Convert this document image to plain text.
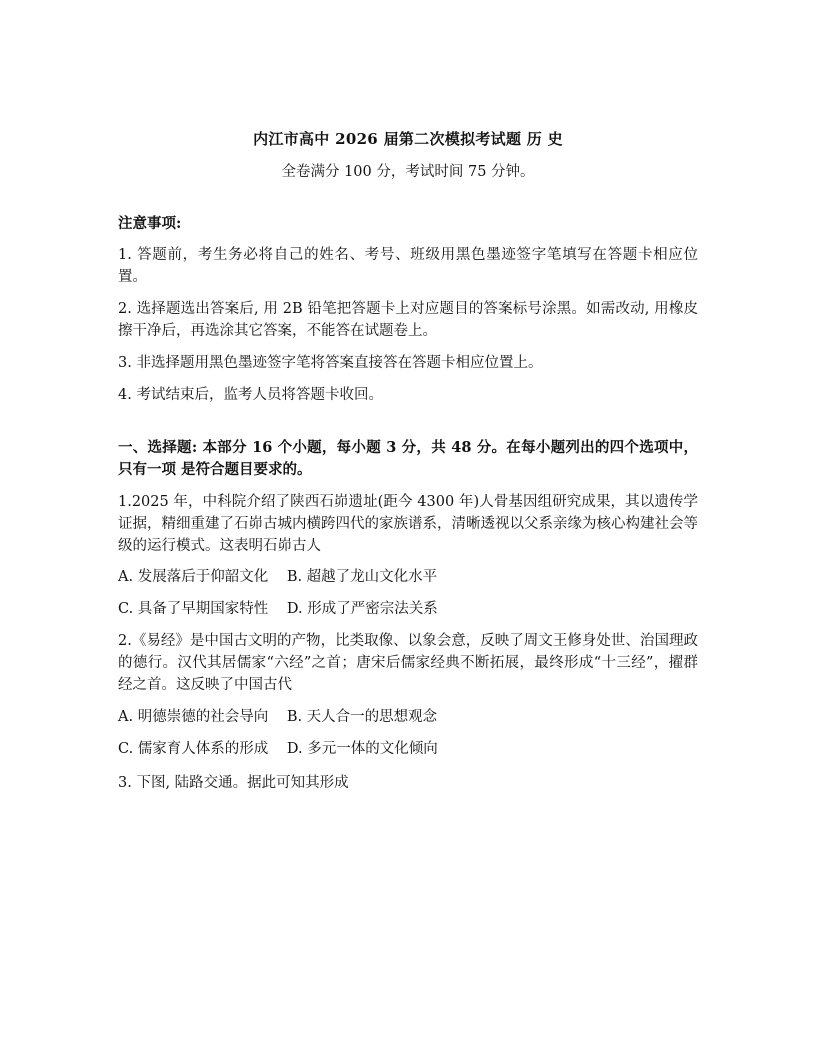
内江市高中 2026 届第二次模拟考试题 历 史
全卷满分 100 分，考试时间 75 分钟。
注意事项:
1. 答题前，考生务必将自己的姓名、考号、班级用黑色墨迹签字笔填写在答题卡相应位置。
2. 选择题选出答案后, 用 2B 铅笔把答题卡上对应题目的答案标号涂黑。如需改动, 用橡皮擦干净后，再选涂其它答案，不能答在试题卷上。
3. 非选择题用黑色墨迹签字笔将答案直接答在答题卡相应位置上。
4. 考试结束后，监考人员将答题卡收回。
一、选择题: 本部分 16 个小题，每小题 3 分，共 48 分。在每小题列出的四个选项中，只有一项 是符合题目要求的。
1.2025 年，中科院介绍了陕西石峁遗址(距今 4300 年)人骨基因组研究成果，其以遗传学证据，精细重建了石峁古城内横跨四代的家族谱系，清晰透视以父系亲缘为核心构建社会等级的运行模式。这表明石峁古人
A. 发展落后于仰韶文化 B. 超越了龙山文化水平
C. 具备了早期国家特性 D. 形成了严密宗法关系
2.《易经》是中国古文明的产物，比类取像、以象会意，反映了周文王修身处世、治国理政的德行。汉代其居儒家“六经”之首；唐宋后儒家经典不断拓展，最终形成“十三经”，擢群经之首。这反映了中国古代
A. 明德崇德的社会导向 B. 天人合一的思想观念
C. 儒家育人体系的形成 D. 多元一体的文化倾向
3. 下图, 陆路交通。据此可知其形成
